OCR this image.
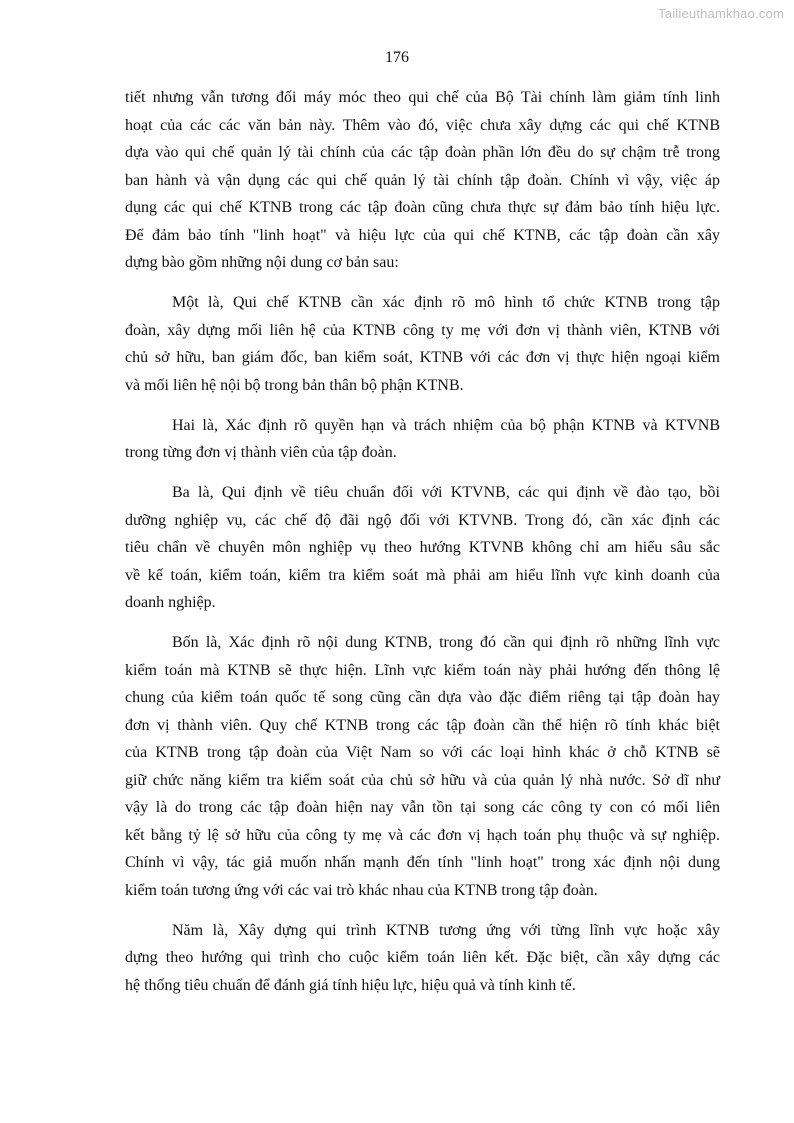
Tailieuthamkhao.com
176

tiết nhưng vẫn tương đối máy móc theo qui chế của Bộ Tài chính làm giảm tính linh
hoạt của các các văn bản này. Thêm vào đó, việc chưa xây dựng các qui chế KTNB
dựa vào qui chế quản lý tài chính của các tập đoàn phần lớn đều do sự chậm trễ trong
ban hành và vận dụng các qui chế quản lý tài chính tập đoàn. Chính vì vậy, việc áp
dụng các qui chế KTNB trong các tập đoàn cũng chưa thực sự đảm bảo tính hiệu lực.
Để đảm bảo tính "linh hoạt" và hiệu lực của qui chế KTNB, các tập đoàn cần xây
dựng bào gồm những nội dung cơ bản sau:

Một là, Qui chế KTNB cần xác định rõ mô hình tổ chức KTNB trong tập
đoàn, xây dựng mối liên hệ của KTNB công ty mẹ với đơn vị thành viên, KTNB với
chủ sở hữu, ban giám đốc, ban kiểm soát, KTNB với các đơn vị thực hiện ngoại kiểm
và mối liên hệ nội bộ trong bản thân bộ phận KTNB.

Hai là, Xác định rõ quyền hạn và trách nhiệm của bộ phận KTNB và KTVNB
trong từng đơn vị thành viên của tập đoàn.

Ba là, Qui định về tiêu chuẩn đối với KTVNB, các qui định về đào tạo, bồi
dưỡng nghiệp vụ, các chế độ đãi ngộ đối với KTVNB. Trong đó, cần xác định các
tiêu chẩn về chuyên môn nghiệp vụ theo hướng KTVNB không chỉ am hiểu sâu sắc
về kế toán, kiểm toán, kiểm tra kiểm soát mà phải am hiểu lĩnh vực kinh doanh của
doanh nghiệp.

Bốn là, Xác định rõ nội dung KTNB, trong đó cần qui định rõ những lĩnh vực
kiểm toán mà KTNB sẽ thực hiện. Lĩnh vực kiểm toán này phải hướng đến thông lệ
chung của kiểm toán quốc tế song cũng cần dựa vào đặc điểm riêng tại tập đoàn hay
đơn vị thành viên. Quy chế KTNB trong các tập đoàn cần thể hiện rõ tính khác biệt
của KTNB trong tập đoàn của Việt Nam so với các loại hình khác ở chỗ KTNB sẽ
giữ chức năng kiểm tra kiểm soát của chủ sở hữu và của quản lý nhà nước. Sở dĩ như
vậy là do trong các tập đoàn hiện nay vẫn tồn tại song các công ty con có mối liên
kết bằng tỷ lệ sở hữu của công ty mẹ và các đơn vị hạch toán phụ thuộc và sự nghiệp.
Chính vì vậy, tác giả muốn nhấn mạnh đến tính "linh hoạt" trong xác định nội dung
kiểm toán tương ứng với các vai trò khác nhau của KTNB trong tập đoàn.

Năm là, Xây dựng qui trình KTNB tương ứng với từng lĩnh vực hoặc xây
dựng theo hướng qui trình cho cuộc kiểm toán liên kết. Đặc biệt, cần xây dựng các
hệ thống tiêu chuẩn để đánh giá tính hiệu lực, hiệu quả và tính kinh tế.
